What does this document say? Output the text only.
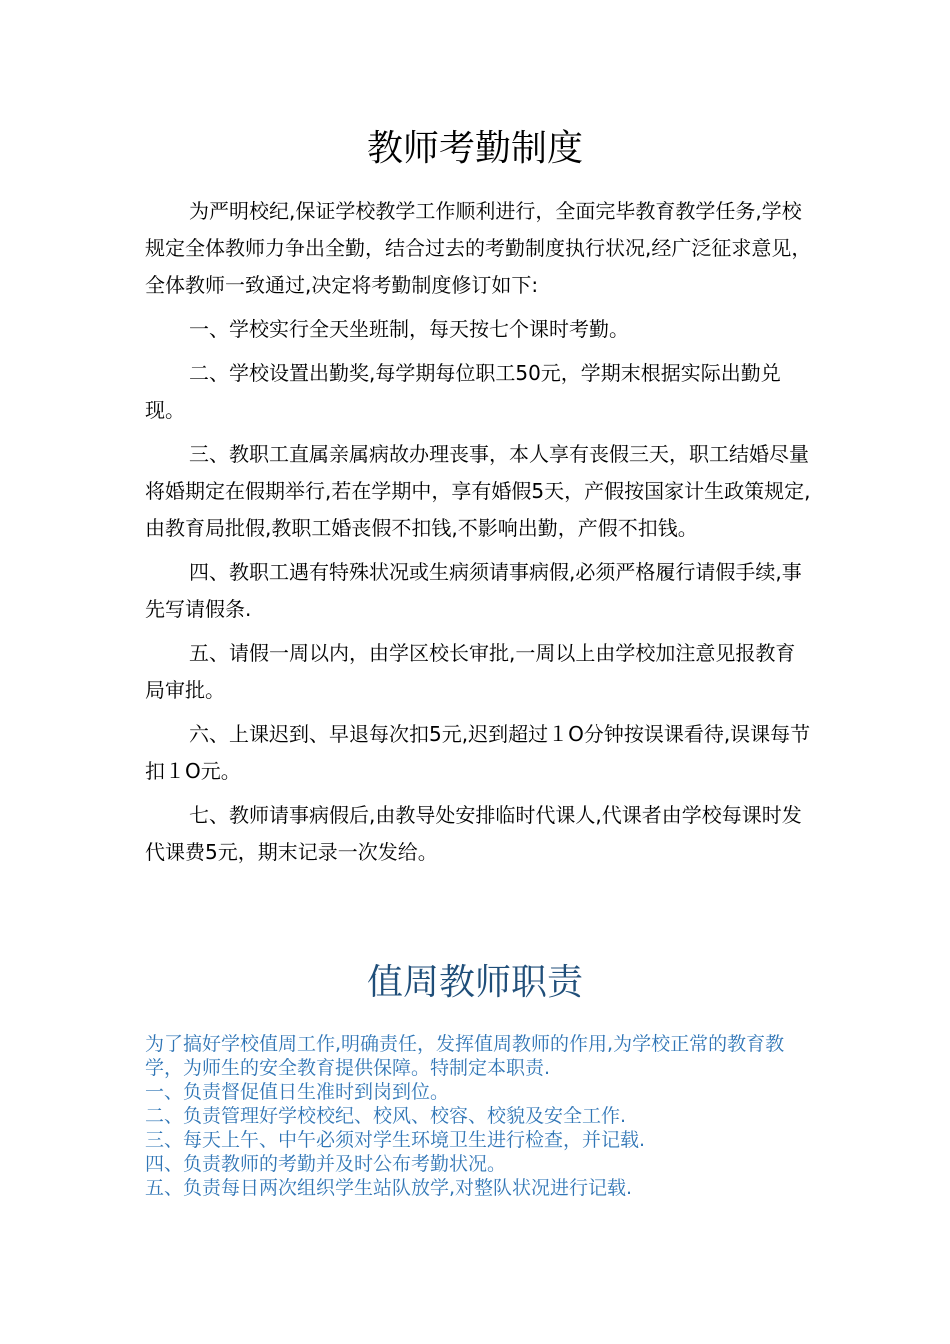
教师考勤制度

为严明校纪,保证学校教学工作顺利进行，全面完毕教育教学任务,学校规定全体教师力争出全勤，结合过去的考勤制度执行状况,经广泛征求意见，全体教师一致通过,决定将考勤制度修订如下:

一、学校实行全天坐班制，每天按七个课时考勤。

二、学校设置出勤奖,每学期每位职工50元，学期末根据实际出勤兑现。

三、教职工直属亲属病故办理丧事，本人享有丧假三天，职工结婚尽量将婚期定在假期举行,若在学期中，享有婚假5天，产假按国家计生政策规定,由教育局批假,教职工婚丧假不扣钱,不影响出勤，产假不扣钱。

四、教职工遇有特殊状况或生病须请事病假,必须严格履行请假手续,事先写请假条.

五、请假一周以内，由学区校长审批,一周以上由学校加注意见报教育局审批。

六、上课迟到、早退每次扣5元,迟到超过１O分钟按误课看待,误课每节扣１O元。

七、教师请事病假后,由教导处安排临时代课人,代课者由学校每课时发代课费5元，期末记录一次发给。

值周教师职责

为了搞好学校值周工作,明确责任，发挥值周教师的作用,为学校正常的教育教学，为师生的安全教育提供保障。特制定本职责.

一、负责督促值日生准时到岗到位。

二、负责管理好学校校纪、校风、校容、校貌及安全工作.

三、每天上午、中午必须对学生环境卫生进行检查，并记载.

四、负责教师的考勤并及时公布考勤状况。

五、负责每日两次组织学生站队放学,对整队状况进行记载.
